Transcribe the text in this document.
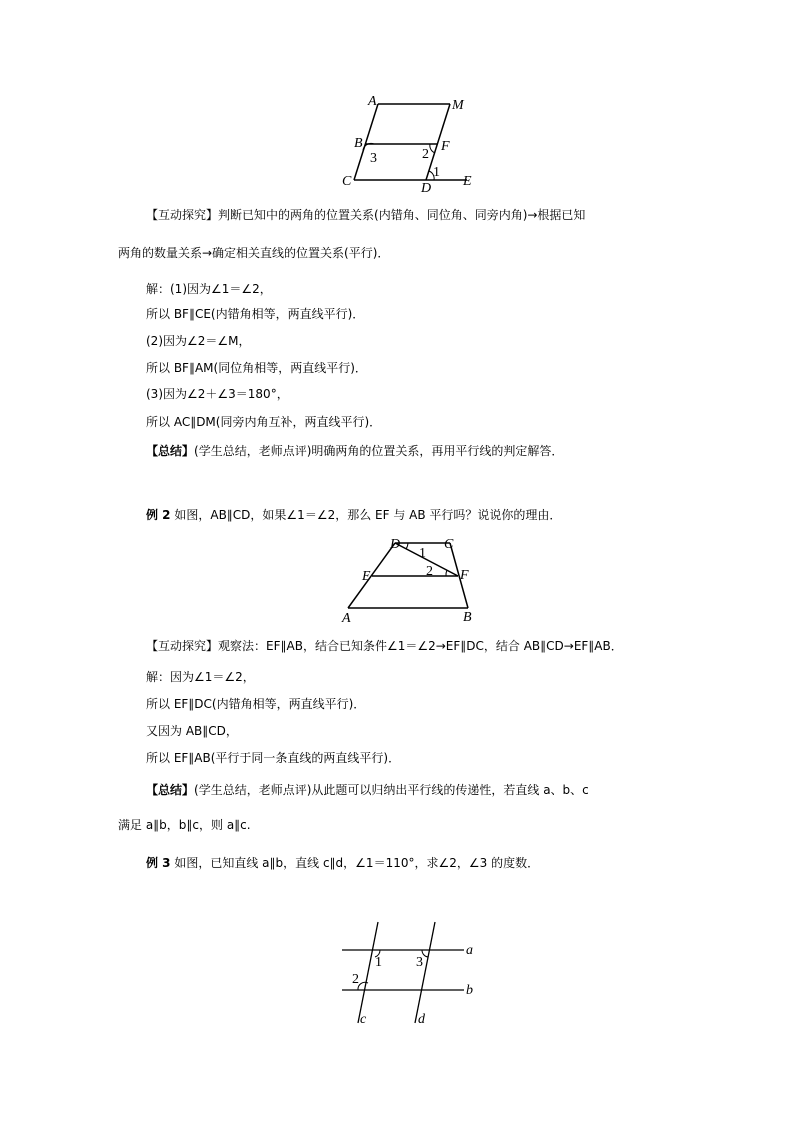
A	M
B	F
C	D E
3	2
1
【互动探究】判断已知中的两角的位置关系(内错角、同位角、同旁内角)→根据已知
两角的数量关系→确定相关直线的位置关系(平行)．
解：(1)因为∠1＝∠2，
所以 BF∥CE(内错角相等，两直线平行)．
(2)因为∠2＝∠M，
所以 BF∥AM(同位角相等，两直线平行)．
(3)因为∠2＋∠3＝180°，
所以 AC∥DM(同旁内角互补，两直线平行)．
【总结】(学生总结，老师点评)明确两角的位置关系，再用平行线的判定解答．
例 2 如图，AB∥CD，如果∠1＝∠2，那么 EF 与 AB 平行吗？说说你的理由．
D	C
E	F
A	B
1
2
【互动探究】观察法：EF∥AB，结合已知条件∠1＝∠2→EF∥DC，结合 AB∥CD→EF∥AB．
解：因为∠1＝∠2，
所以 EF∥DC(内错角相等，两直线平行)．
又因为 AB∥CD，
所以 EF∥AB(平行于同一条直线的两直线平行)．
【总结】(学生总结，老师点评)从此题可以归纳出平行线的传递性，若直线 a、b、c
满足 a∥b，b∥c，则 a∥c.
例 3 如图，已知直线 a∥b，直线 c∥d，∠1＝110°，求∠2，∠3 的度数．
a
b
c	d
1
2
3
